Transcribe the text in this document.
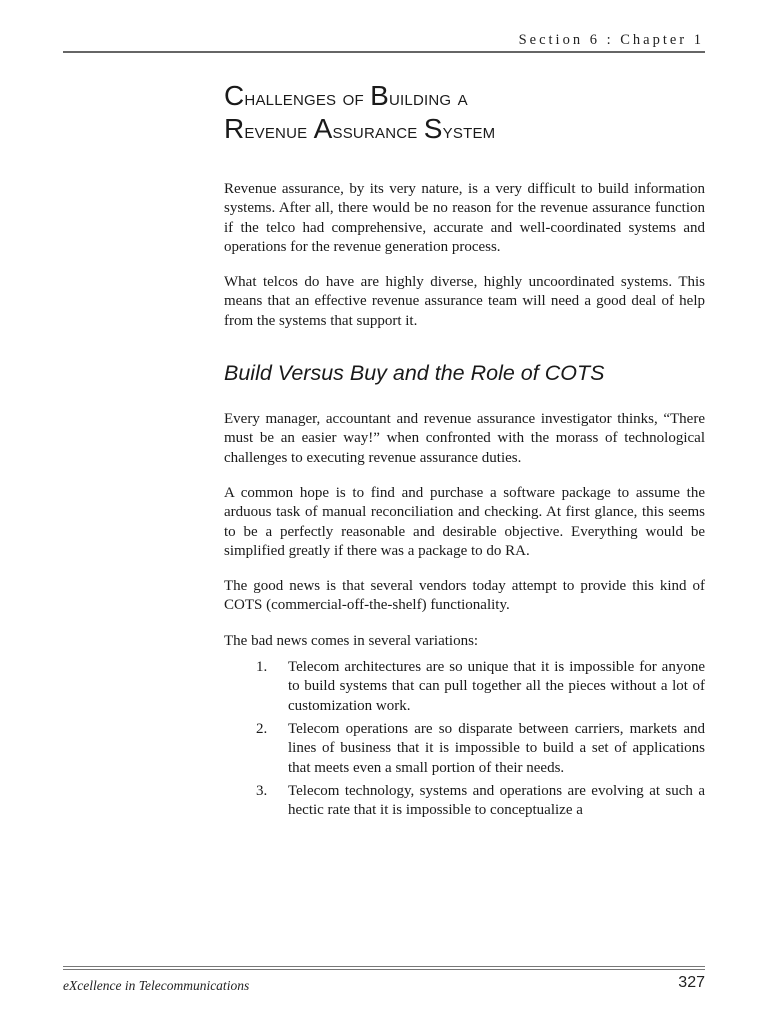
Section 6 : Chapter 1
Challenges of Building a
Revenue Assurance System

Revenue assurance, by its very nature, is a very difficult to build information systems. After all, there would be no reason for the revenue assurance function if the telco had comprehensive, accurate and well-coordinated systems and operations for the revenue generation process.

What telcos do have are highly diverse, highly uncoordinated systems. This means that an effective revenue assurance team will need a good deal of help from the systems that support it.

Build Versus Buy and the Role of COTS

Every manager, accountant and revenue assurance investigator thinks, “There must be an easier way!” when confronted with the morass of technological challenges to executing revenue assurance duties.

A common hope is to find and purchase a software package to assume the arduous task of manual reconciliation and checking. At first glance, this seems to be a perfectly reasonable and desirable objective. Everything would be simplified greatly if there was a package to do RA.

The good news is that several vendors today attempt to provide this kind of COTS (commercial-off-the-shelf) functionality.

The bad news comes in several variations:

1. Telecom architectures are so unique that it is impossible for anyone to build systems that can pull together all the pieces without a lot of customization work.
2. Telecom operations are so disparate between carriers, markets and lines of business that it is impossible to build a set of applications that meets even a small portion of their needs.
3. Telecom technology, systems and operations are evolving at such a hectic rate that it is impossible to conceptualize a
eXcellence in Telecommunications	327
